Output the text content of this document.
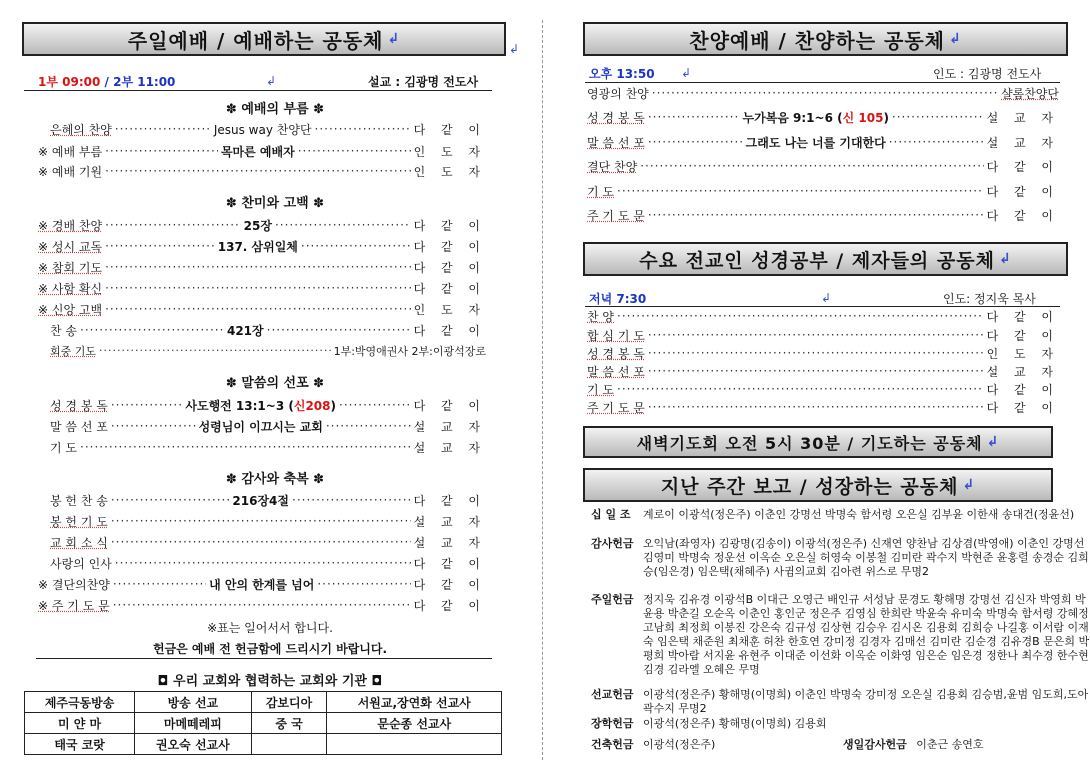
주일예배 / 예배하는 공동체 ↲
↲
1부 09:00 / 2부 11:00	↲	설교 : 김광명 전도사
✽ 예배의 부름 ✽
은혜의 찬양 ·····	Jesus way 찬양단 ·····	다 같 이
※ 예배 부름 ·····	목마른 예배자 ·····	인 도 자
※ 예배 기원 ·····	인 도 자
✽ 찬미와 고백 ✽
※ 경배 찬양 ·····	25장 ·····	다 같 이
※ 성시 교독 ·····	137. 삼위일체 ·····	다 같 이
※ 참회 기도 ·····	다 같 이
※ 사함 확신 ·····	다 같 이
※ 신앙 고백 ·····	인 도 자
찬 송 ·····	421장 ·····	다 같 이
회중 기도 ·····	1부:박영애권사 2부:이광석장로
✽ 말씀의 선포 ✽
성 경 봉 독 ·····	사도행전 13:1~3 (신208) ·····	다 같 이
말 씀 선 포 ·····	성령님이 이끄시는 교회 ·····	설 교 자
기 도 ·····	설 교 자
✽ 감사와 축복 ✽
봉 헌 찬 송 ·····	216장4절 ·····	다 같 이
봉 헌 기 도 ·····	설 교 자
교 회 소 식 ·····	설 교 자
사랑의 인사 ·····	다 같 이
※ 결단의찬양 ·····	내 안의 한계를 넘어 ·····	다 같 이
※ 주 기 도 문 ·····	다 같 이
※표는 일어서서 합니다.
헌금은 예배 전 헌금함에 드리시기 바랍니다.
◘ 우리 교회와 협력하는 교회와 기관 ◘
제주극동방송	방송 선교	감보디아	서원교,장연화 선교사
미 얀 마	마메떼레피	중 국	문순종 선교사
태국 코랏	권오숙 선교사		
찬양예배 / 찬양하는 공동체 ↲
오후 13:50 ↲	인도 : 김광명 전도사
영광의 찬양 ·····	샬롬찬양단
성 경 봉 독 ·····	누가복음 9:1~6 (신 105) ·····	설 교 자
말 씀 선 포 ·····	그래도 나는 너를 기대한다 ·····	설 교 자
결단 찬양 ·····	다 같 이
기 도 ·····	다 같 이
주 기 도 문 ·····	다 같 이
수요 전교인 성경공부 / 제자들의 공동체 ↲
저녁 7:30	↲	인도: 정지욱 목사
찬 양 ·····	다 같 이
합 심 기 도 ·····	다 같 이
성 경 봉 독 ·····	인 도 자
말 씀 선 포 ·····	설 교 자
기 도 ·····	다 같 이
주 기 도 문 ·····	다 같 이
새벽기도회 오전 5시 30분 / 기도하는 공동체 ↲
지난 주간 보고 / 성장하는 공동체 ↲
십 일 조 계로이 이광석(정은주) 이춘인 강명선 박명숙 함서령 오은실 김부윤 이한새 송대건(정윤선)
감사헌금 오익남(좌영자) 김광명(김송이) 이광석(정은주) 신재연 양찬남 김상겸(박영애) 이춘인 강명선 김영미 박명숙 정운선 이옥순 오은실 허영숙 이봉철 김미란 곽수지 박현준 윤홍렬 송경순 김희승(임은경) 임은택(채혜주) 사귐의교회 김아련 위스로 무명2
주일헌금 정지욱 김유경 이광석B 이대근 오영근 배인규 서성남 문경도 황해명 강명선 김신자 박영희 박윤용 박춘길 오순옥 이춘인 홍인군 정은주 김영심 한희란 박윤숙 유미숙 박명숙 함서령 강혜정 고남희 최정희 이봉진 강은숙 김규성 김상현 김승우 김시온 김용회 김희승 나길홍 이서람 이재숙 임은택 채준원 최채훈 허찬 한호연 강미정 김경자 김매선 김미란 김순경 김유경B 문은희 박평희 박아람 서지윤 유현주 이대준 이선화 이옥순 이화영 임은순 임은경 정한나 최수경 한수현 김경 김라엘 오혜은 무명
선교헌금 이광석(정은주) 황해명(이명희) 이춘인 박명숙 강미정 오은실 김용회 김승범,윤범 임도희,도아 곽수지 무명2
장학헌금 이광석(정은주) 황해명(이명희) 김용회
건축헌금 이광석(정은주)	생일감사헌금 이춘근 송연호
